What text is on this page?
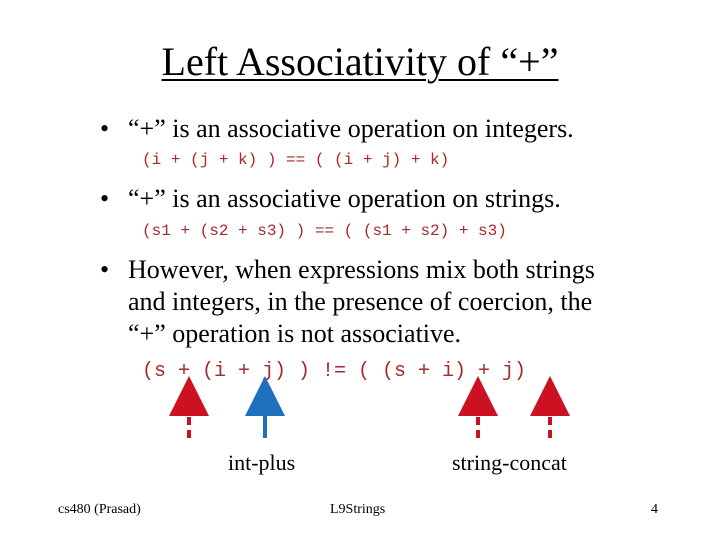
Left Associativity of “+”
• “+” is an associative operation on integers.
(i + (j + k) ) == ( (i + j) + k)
• “+” is an associative operation on strings.
(s1 + (s2 + s3) ) == ( (s1 + s2) + s3)
• However, when expressions mix both strings
and integers, in the presence of coercion, the
“+” operation is not associative.
(s + (i + j) ) != ( (s + i) + j)
int-plus	string-concat
cs480 (Prasad)	L9Strings	4
